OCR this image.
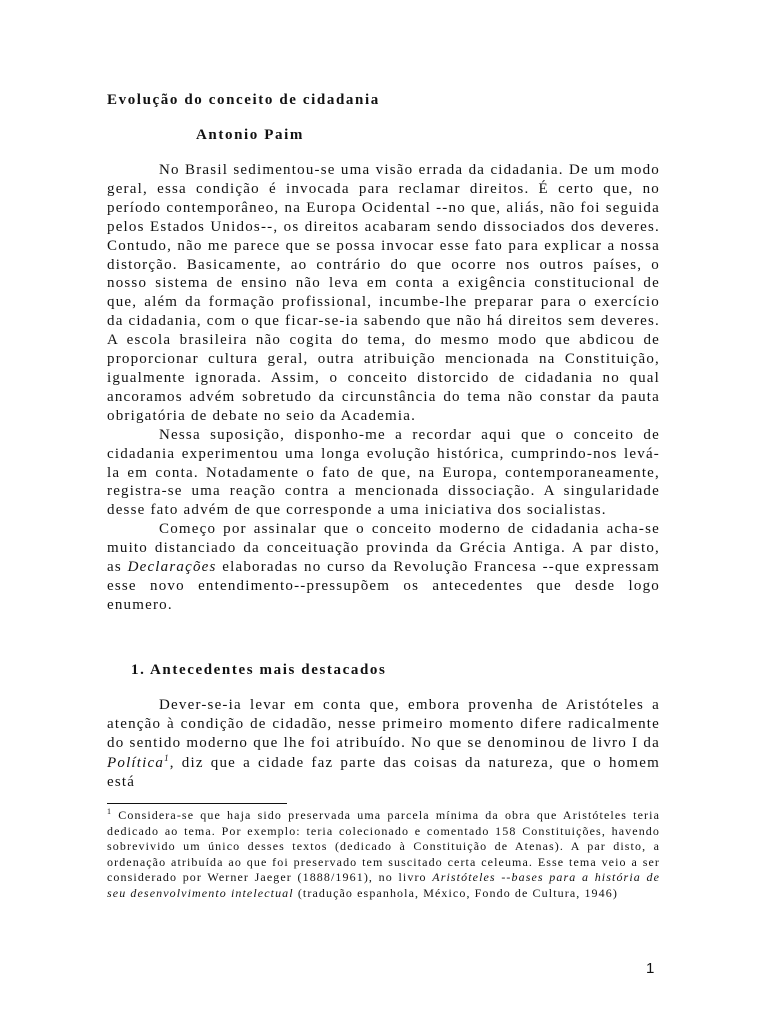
Evolução do conceito de cidadania
Antonio Paim

No Brasil sedimentou-se uma visão errada da cidadania. De um modo geral, essa condição é invocada para reclamar direitos. É certo que, no período contemporâneo, na Europa Ocidental --no que, aliás, não foi seguida pelos Estados Unidos--, os direitos acabaram sendo dissociados dos deveres. Contudo, não me parece que se possa invocar esse fato para explicar a nossa distorção. Basicamente, ao contrário do que ocorre nos outros países, o nosso sistema de ensino não leva em conta a exigência constitucional de que, além da formação profissional, incumbe-lhe preparar para o exercício da cidadania, com o que ficar-se-ia sabendo que não há direitos sem deveres. A escola brasileira não cogita do tema, do mesmo modo que abdicou de proporcionar cultura geral, outra atribuição mencionada na Constituição, igualmente ignorada. Assim, o conceito distorcido de cidadania no qual ancoramos advém sobretudo da circunstância do tema não constar da pauta obrigatória de debate no seio da Academia.

Nessa suposição, disponho-me a recordar aqui que o conceito de cidadania experimentou uma longa evolução histórica, cumprindo-nos levá-la em conta. Notadamente o fato de que, na Europa, contemporaneamente, registra-se uma reação contra a mencionada dissociação. A singularidade desse fato advém de que corresponde a uma iniciativa dos socialistas.

Começo por assinalar que o conceito moderno de cidadania acha-se muito distanciado da conceituação provinda da Grécia Antiga. A par disto, as Declarações elaboradas no curso da Revolução Francesa --que expressam esse novo entendimento--pressupõem os antecedentes que desde logo enumero.

1. Antecedentes mais destacados

Dever-se-ia levar em conta que, embora provenha de Aristóteles a atenção à condição de cidadão, nesse primeiro momento difere radicalmente do sentido moderno que lhe foi atribuído. No que se denominou de livro I da Política$^1$, diz que a cidade faz parte das coisas da natureza, que o homem está

$^1$ Considera-se que haja sido preservada uma parcela mínima da obra que Aristóteles teria dedicado ao tema. Por exemplo: teria colecionado e comentado 158 Constituições, havendo sobrevivido um único desses textos (dedicado à Constituição de Atenas). A par disto, a ordenação atribuída ao que foi preservado tem suscitado certa celeuma. Esse tema veio a ser considerado por Werner Jaeger (1888/1961), no livro Aristóteles --bases para a história de seu desenvolvimento intelectual (tradução espanhola, México, Fondo de Cultura, 1946)

1
